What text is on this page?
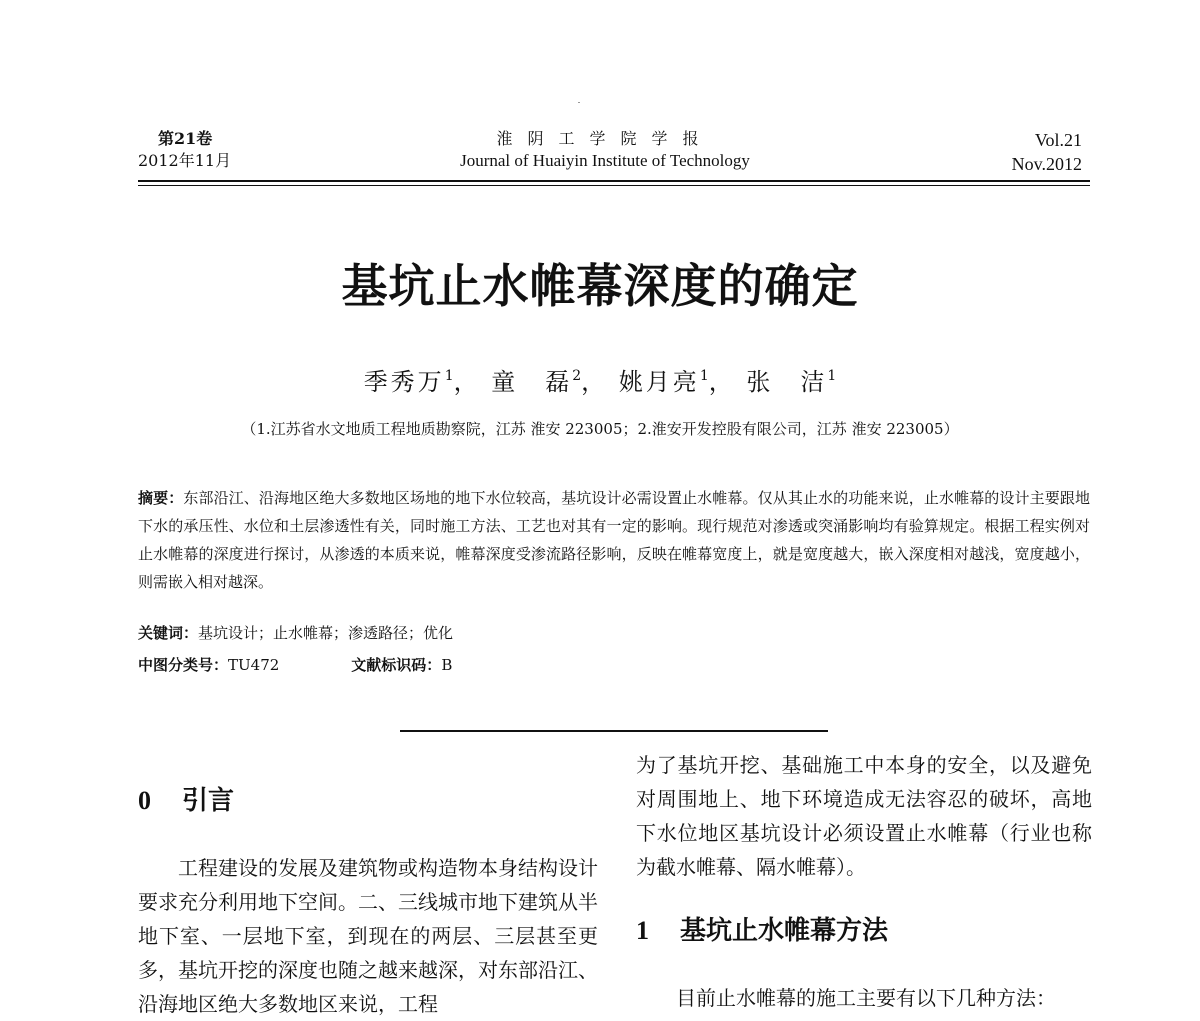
第21卷
2012年11月
淮阴工学院学报
Journal of Huaiyin Institute of Technology
Vol.21
Nov.2012
基坑止水帷幕深度的确定
季秀万$^1$， 童　磊$^2$， 姚月亮$^1$， 张　洁$^1$
（1.江苏省水文地质工程地质勘察院，江苏 淮安 223005；2.淮安开发控股有限公司，江苏 淮安 223005）
摘要：东部沿江、沿海地区绝大多数地区场地的地下水位较高，基坑设计必需设置止水帷幕。仅从其止水的功能来说，止水帷幕的设计主要跟地下水的承压性、水位和土层渗透性有关，同时施工方法、工艺也对其有一定的影响。现行规范对渗透或突涌影响均有验算规定。根据工程实例对止水帷幕的深度进行探讨，从渗透的本质来说，帷幕深度受渗流路径影响，反映在帷幕宽度上，就是宽度越大，嵌入深度相对越浅，宽度越小，则需嵌入相对越深。
关键词：基坑设计；止水帷幕；渗透路径；优化
中图分类号：TU472	文献标识码：B
0 引言

工程建设的发展及建筑物或构造物本身结构设计要求充分利用地下空间。二、三线城市地下建筑从半地下室、一层地下室，到现在的两层、三层甚至更多，基坑开挖的深度也随之越来越深，对东部沿江、沿海地区绝大多数地区来说，工程

为了基坑开挖、基础施工中本身的安全，以及避免对周围地上、地下环境造成无法容忍的破坏，高地下水位地区基坑设计必须设置止水帷幕（行业也称为截水帷幕、隔水帷幕）。

1 基坑止水帷幕方法

目前止水帷幕的施工主要有以下几种方法：
